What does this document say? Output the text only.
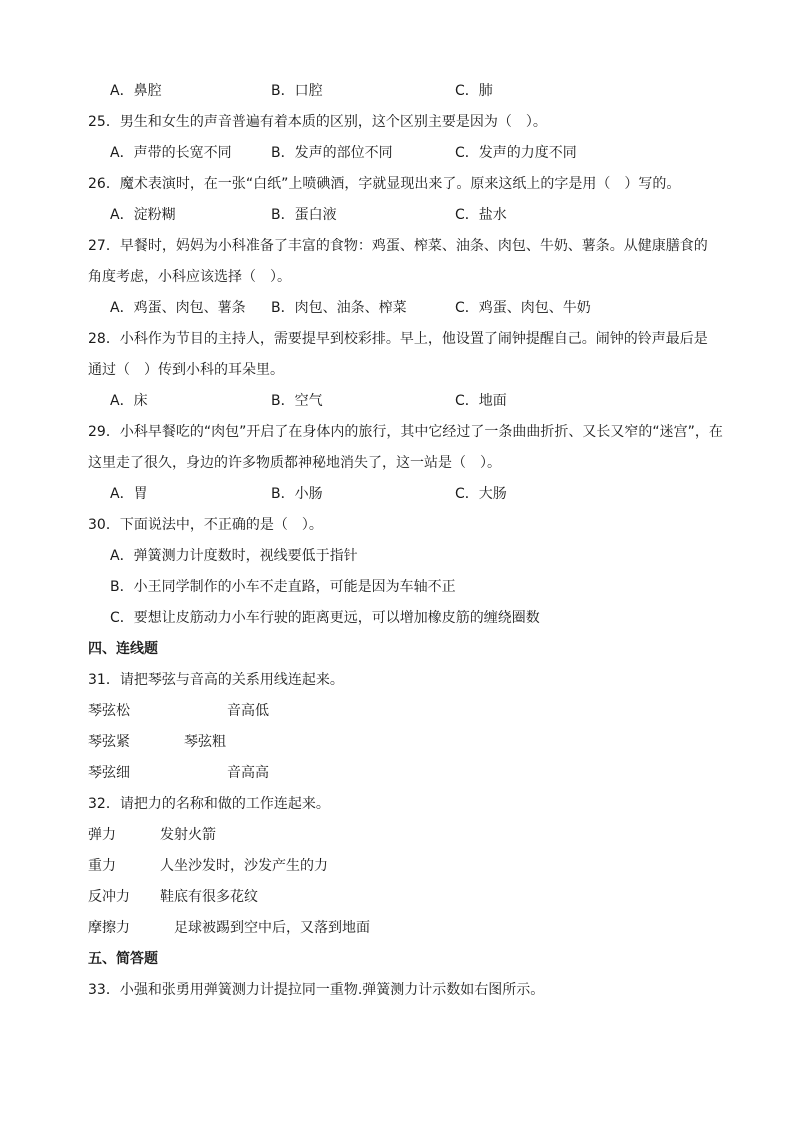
A．鼻腔	B．口腔	C．肺
25．男生和女生的声音普遍有着本质的区别，这个区别主要是因为（　）。
A．声带的长宽不同	B．发声的部位不同	C．发声的力度不同
26．魔术表演时，在一张“白纸”上喷碘酒，字就显现出来了。原来这纸上的字是用（　）写的。
A．淀粉糊	B．蛋白液	C．盐水
27．早餐时，妈妈为小科准备了丰富的食物：鸡蛋、榨菜、油条、肉包、牛奶、薯条。从健康膳食的
角度考虑，小科应该选择（　）。
A．鸡蛋、肉包、薯条 B．肉包、油条、榨菜	C．鸡蛋、肉包、牛奶
28．小科作为节目的主持人，需要提早到校彩排。早上，他设置了闹钟提醒自己。闹钟的铃声最后是
通过（　）传到小科的耳朵里。
A．床	B．空气	C．地面
29．小科早餐吃的“肉包”开启了在身体内的旅行，其中它经过了一条曲曲折折、又长又窄的“迷宫”，在
这里走了很久，身边的许多物质都神秘地消失了，这一站是（　）。
A．胃	B．小肠	C．大肠
30．下面说法中，不正确的是（　）。
A．弹簧测力计度数时，视线要低于指针
B．小王同学制作的小车不走直路，可能是因为车轴不正
C．要想让皮筋动力小车行驶的距离更远，可以增加橡皮筋的缠绕圈数
四、连线题
31．请把琴弦与音高的关系用线连起来。
琴弦松	音高低
琴弦紧	琴弦粗
琴弦细	音高高
32．请把力的名称和做的工作连起来。
弹力	发射火箭
重力	人坐沙发时，沙发产生的力
反冲力 鞋底有很多花纹
摩擦力	足球被踢到空中后，又落到地面
五、简答题
33．小强和张勇用弹簧测力计提拉同一重物.弹簧测力计示数如右图所示。
